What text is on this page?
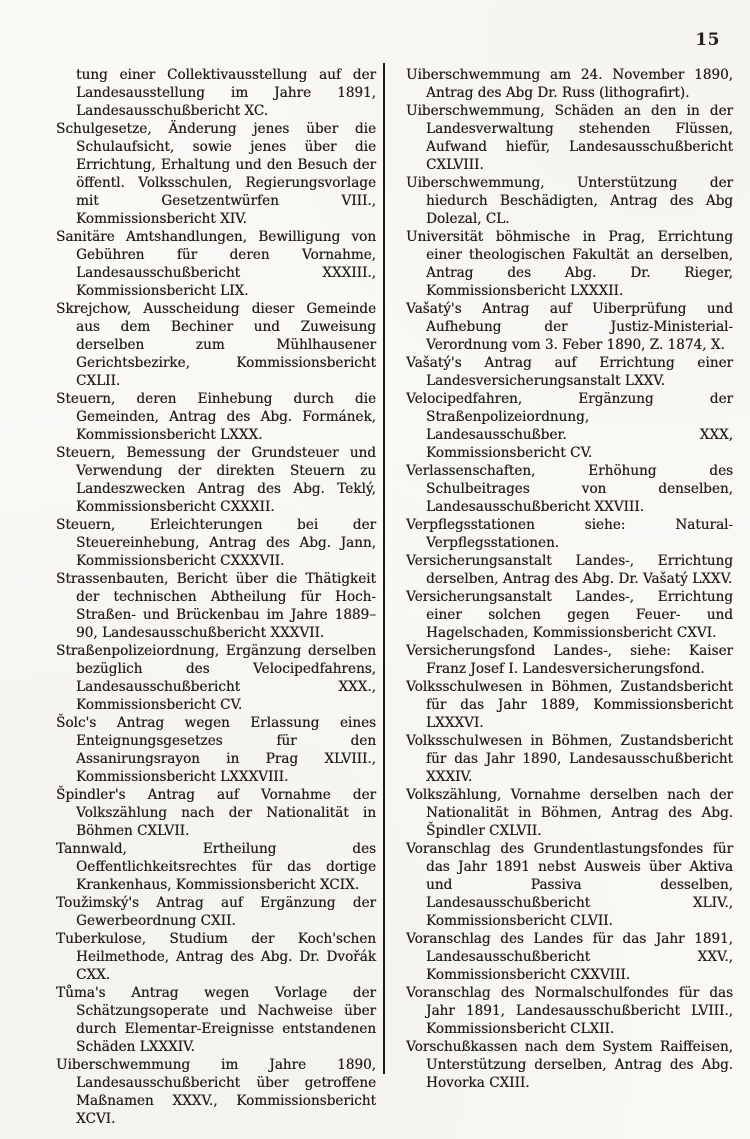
15

tung einer Collektivausstellung auf der Landesausstellung im Jahre 1891, Landesausschußbericht XC.

Schulgesetze, Änderung jenes über die Schulaufsicht, sowie jenes über die Errichtung, Erhaltung und den Besuch der öffentl. Volksschulen, Regierungsvorlage mit Gesetzentwürfen VIII., Kommissionsbericht XIV.

Sanitäre Amtshandlungen, Bewilligung von Gebühren für deren Vornahme, Landesausschußbericht XXXIII., Kommissionsbericht LIX.

Skrejchow, Ausscheidung dieser Gemeinde aus dem Bechiner und Zuweisung derselben zum Mühlhausener Gerichtsbezirke, Kommissionsbericht CXLII.

Steuern, deren Einhebung durch die Gemeinden, Antrag des Abg. Formánek, Kommissionsbericht LXXX.

Steuern, Bemessung der Grundsteuer und Verwendung der direkten Steuern zu Landeszwecken Antrag des Abg. Teklý, Kommissionsbericht CXXXII.

Steuern, Erleichterungen bei der Steuereinhebung, Antrag des Abg. Jann, Kommissionsbericht CXXXVII.

Strassenbauten, Bericht über die Thätigkeit der technischen Abtheilung für Hoch- Straßen- und Brückenbau im Jahre 1889–90, Landesausschußbericht XXXVII.

Straßenpolizeiordnung, Ergänzung derselben bezüglich des Velocipedfahrens, Landesausschußbericht XXX., Kommissionsbericht CV.

Šolc's Antrag wegen Erlassung eines Enteignungsgesetzes für den Assanirungsrayon in Prag XLVIII., Kommissionsbericht LXXXVIII.

Špindler's Antrag auf Vornahme der Volkszählung nach der Nationalität in Böhmen CXLVII.

Tannwald, Ertheilung des Oeffentlichkeitsrechtes für das dortige Krankenhaus, Kommissionsbericht XCIX.

Toužimský's Antrag auf Ergänzung der Gewerbeordnung CXII.

Tuberkulose, Studium der Koch'schen Heilmethode, Antrag des Abg. Dr. Dvořák CXX.

Tůma's Antrag wegen Vorlage der Schätzungsoperate und Nachweise über durch Elementar-Ereignisse entstandenen Schäden LXXXIV.

Uiberschwemmung im Jahre 1890, Landesausschußbericht über getroffene Maßnamen XXXV., Kommissionsbericht XCVI.

Uiberschwemmung am 24. November 1890, Antrag des Abg Dr. Russ (lithografirt).

Uiberschwemmung, Schäden an den in der Landesverwaltung stehenden Flüssen, Aufwand hiefür, Landesausschußbericht CXLVIII.

Uiberschwemmung, Unterstützung der hiedurch Beschädigten, Antrag des Abg Dolezal, CL.

Universität böhmische in Prag, Errichtung einer theologischen Fakultät an derselben, Antrag des Abg. Dr. Rieger, Kommissionsbericht LXXXII.

Vašatý's Antrag auf Uiberprüfung und Aufhebung der Justiz-Ministerial-Verordnung vom 3. Feber 1890, Z. 1874, X.

Vašatý's Antrag auf Errichtung einer Landesversicherungsanstalt LXXV.

Velocipedfahren, Ergänzung der Straßenpolizeiordnung, Landesausschußber. XXX, Kommissionsbericht CV.

Verlassenschaften, Erhöhung des Schulbeitrages von denselben, Landesausschußbericht XXVIII.

Verpflegsstationen siehe: Natural-Verpflegsstationen.

Versicherungsanstalt Landes-, Errichtung derselben, Antrag des Abg. Dr. Vašatý LXXV.

Versicherungsanstalt Landes-, Errichtung einer solchen gegen Feuer- und Hagelschaden, Kommissionsbericht CXVI.

Versicherungsfond Landes-, siehe: Kaiser Franz Josef I. Landesversicherungsfond.

Volksschulwesen in Böhmen, Zustandsbericht für das Jahr 1889, Kommissionsbericht LXXXVI.

Volksschulwesen in Böhmen, Zustandsbericht für das Jahr 1890, Landesausschußbericht XXXIV.

Volkszählung, Vornahme derselben nach der Nationalität in Böhmen, Antrag des Abg. Špindler CXLVII.

Voranschlag des Grundentlastungsfondes für das Jahr 1891 nebst Ausweis über Aktiva und Passiva desselben, Landesausschußbericht XLIV., Kommissionsbericht CLVII.

Voranschlag des Landes für das Jahr 1891, Landesausschußbericht XXV., Kommissionsbericht CXXVIII.

Voranschlag des Normalschulfondes für das Jahr 1891, Landesausschußbericht LVIII., Kommissionsbericht CLXII.

Vorschußkassen nach dem System Raiffeisen, Unterstützung derselben, Antrag des Abg. Hovorka CXIII.
